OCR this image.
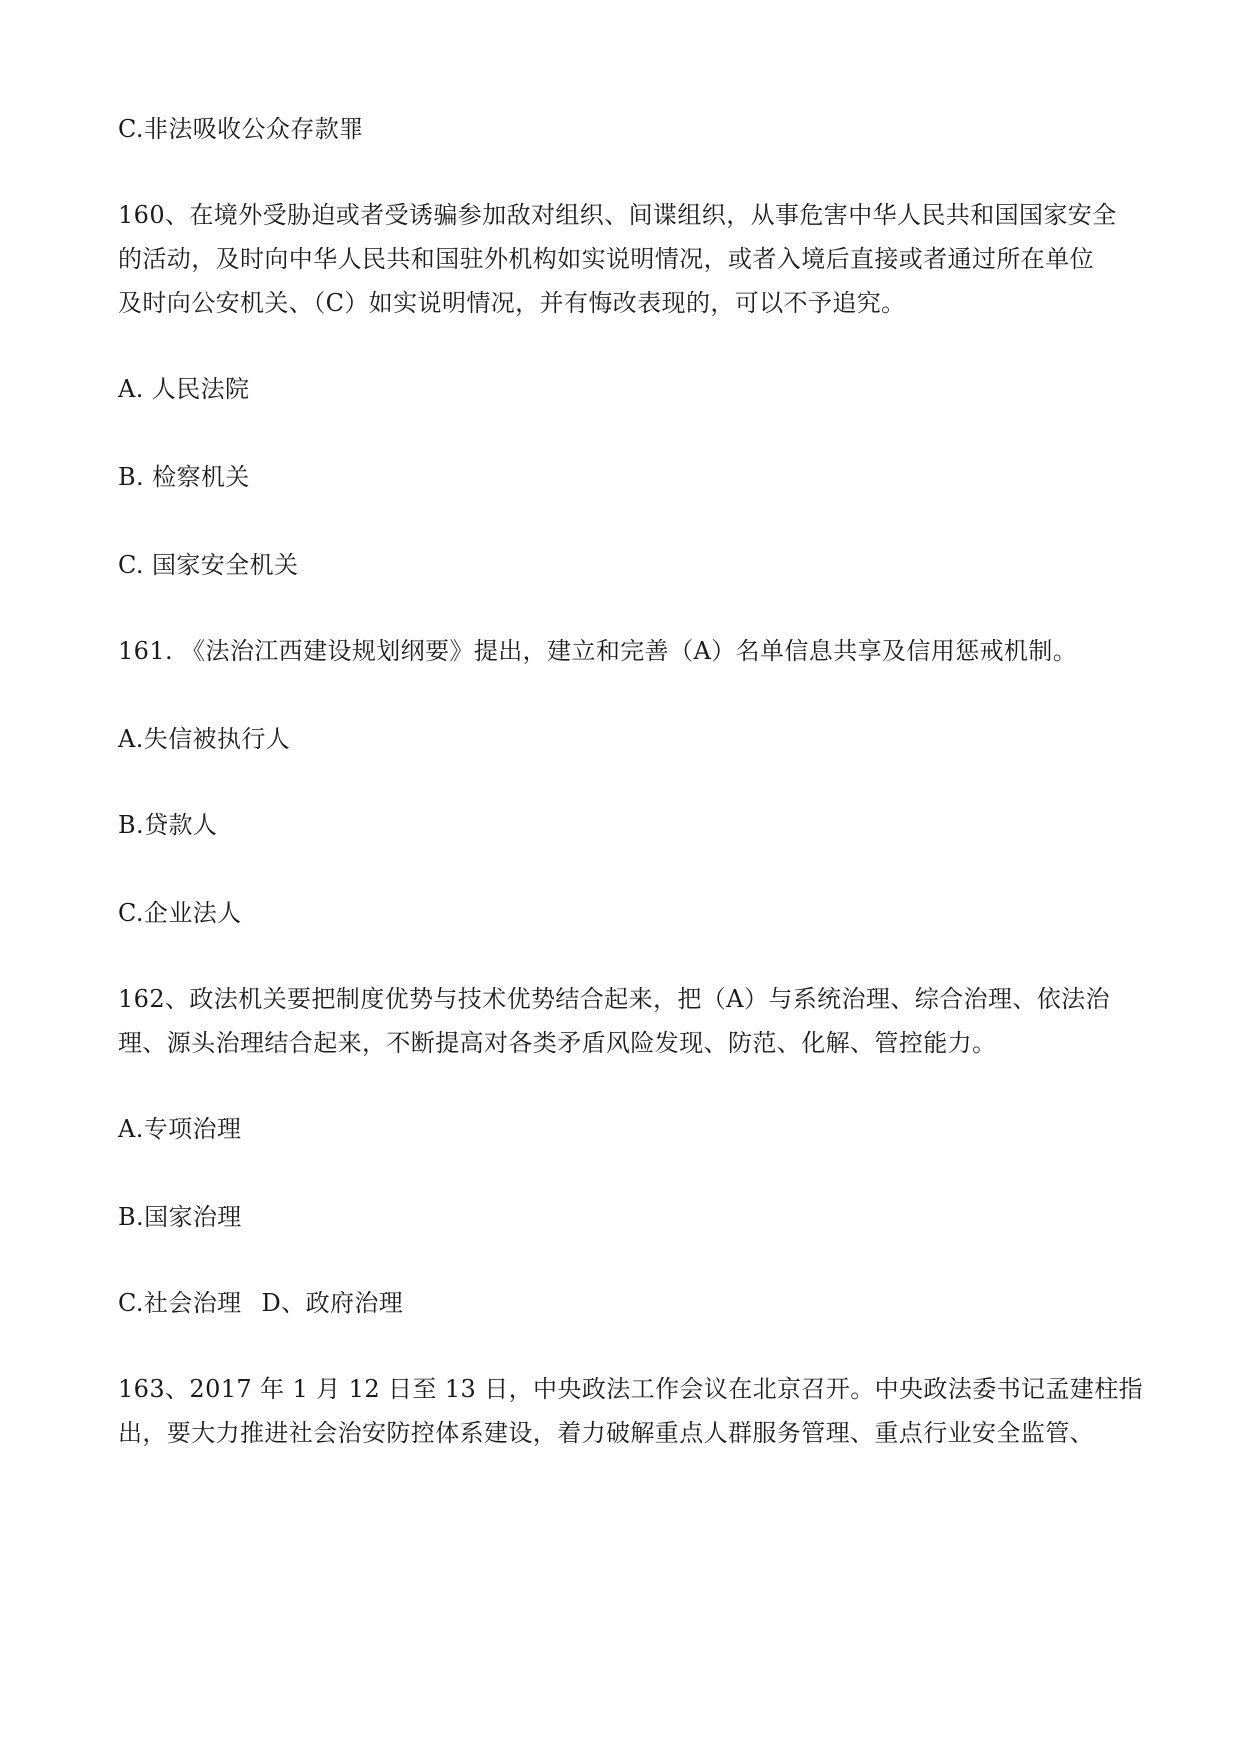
C.非法吸收公众存款罪
160、在境外受胁迫或者受诱骗参加敌对组织、间谍组织，从事危害中华人民共和国国家安全
的活动，及时向中华人民共和国驻外机构如实说明情况，或者入境后直接或者通过所在单位
及时向公安机关、（C）如实说明情况，并有悔改表现的，可以不予追究。
A. 人民法院
B. 检察机关
C. 国家安全机关
161. 《法治江西建设规划纲要》提出，建立和完善（A）名单信息共享及信用惩戒机制。
A.失信被执行人
B.贷款人
C.企业法人
162、政法机关要把制度优势与技术优势结合起来，把（A）与系统治理、综合治理、依法治
理、源头治理结合起来，不断提高对各类矛盾风险发现、防范、化解、管控能力。
A.专项治理
B.国家治理
C.社会治理 D、政府治理
163、2017 年 1 月 12 日至 13 日，中央政法工作会议在北京召开。中央政法委书记孟建柱指
出，要大力推进社会治安防控体系建设，着力破解重点人群服务管理、重点行业安全监管、
